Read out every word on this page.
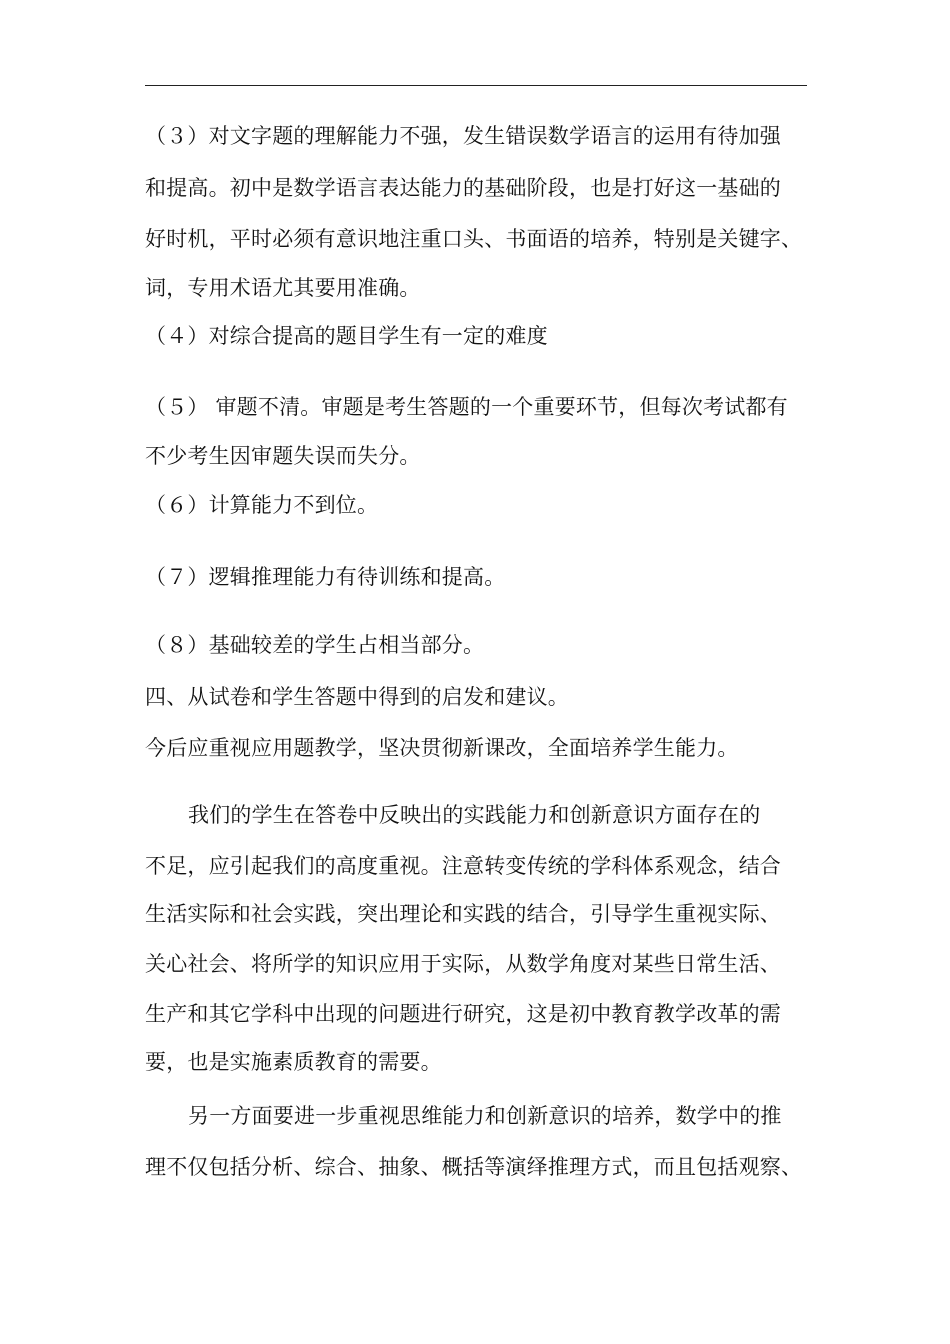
（３）对文字题的理解能力不强，发生错误数学语言的运用有待加强
和提高。初中是数学语言表达能力的基础阶段，也是打好这一基础的
好时机，平时必须有意识地注重口头、书面语的培养，特别是关键字、
词，专用术语尤其要用准确。
（４）对综合提高的题目学生有一定的难度
（５） 审题不清。审题是考生答题的一个重要环节，但每次考试都有
不少考生因审题失误而失分。
（６）计算能力不到位。
（７）逻辑推理能力有待训练和提高。
（８）基础较差的学生占相当部分。
四、从试卷和学生答题中得到的启发和建议。
今后应重视应用题教学，坚决贯彻新课改，全面培养学生能力。
我们的学生在答卷中反映出的实践能力和创新意识方面存在的
不足，应引起我们的高度重视。注意转变传统的学科体系观念，结合
生活实际和社会实践，突出理论和实践的结合，引导学生重视实际、
关心社会、将所学的知识应用于实际，从数学角度对某些日常生活、
生产和其它学科中出现的问题进行研究，这是初中教育教学改革的需
要，也是实施素质教育的需要。
另一方面要进一步重视思维能力和创新意识的培养，数学中的推
理不仅包括分析、综合、抽象、概括等演绎推理方式，而且包括观察、
